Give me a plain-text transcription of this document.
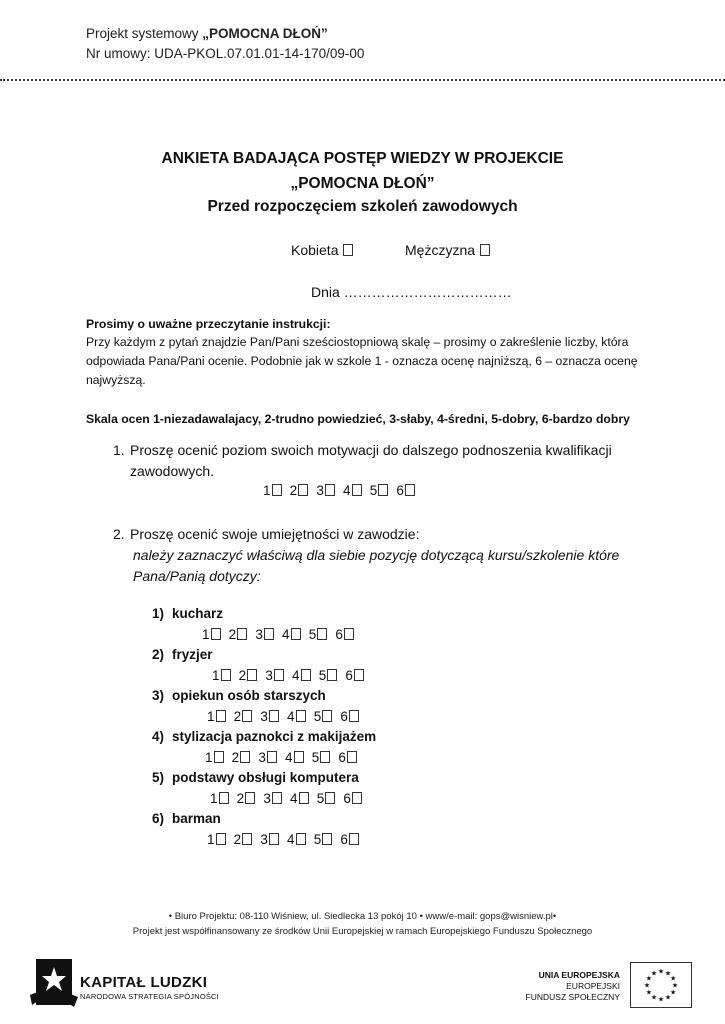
Projekt systemowy „POMOCNA DŁOŃ”
Nr umowy: UDA-PKOL.07.01.01-14-170/09-00
ANKIETA BADAJĄCA POSTĘP WIEDZY W PROJEKCIE
„POMOCNA DŁOŃ”
Przed rozpoczęciem szkoleń zawodowych
Kobieta	Mężczyzna
Dnia ………………………………
Prosimy o uważne przeczytanie instrukcji:
Przy każdym z pytań znajdzie Pan/Pani sześciostopniową skalę – prosimy o zakreślenie liczby, która odpowiada Pana/Pani ocenie. Podobnie jak w szkole 1 - oznacza ocenę najniższą, 6 – oznacza ocenę najwyższą.
Skala ocen 1-niezadawalajacy, 2-trudno powiedzieć, 3-słaby, 4-średni, 5-dobry, 6-bardzo dobry
1. Proszę ocenić poziom swoich motywacji do dalszego podnoszenia kwalifikacji
zawodowych.
1 2 3 4 5 6
2. Proszę ocenić swoje umiejętności w zawodzie:
należy zaznaczyć właściwą dla siebie pozycję dotyczącą kursu/szkolenie które
Pana/Panią dotyczy:
1) kucharz
1 2 3 4 5 6
2) fryzjer
1 2 3 4 5 6
3) opiekun osób starszych
1 2 3 4 5 6
4) stylizacja paznokci z makijażem
1 2 3 4 5 6
5) podstawy obsługi komputera
1 2 3 4 5 6
6) barman
1 2 3 4 5 6
• Biuro Projektu: 08-110 Wiśniew, ul. Siedlecka 13 pokój 10 • www/e-mail: gops@wisniew.pl•
Projekt jest współfinansowany ze środków Unii Europejskiej w ramach Europejskiego Funduszu Społecznego
KAPITAŁ LUDZKI
NARODOWA STRATEGIA SPÓJNOŚCI
UNIA EUROPEJSKA
EUROPEJSKI
FUNDUSZ SPOŁECZNY
★
★
★
★
★
★
★
★
★ ★ ★
★
